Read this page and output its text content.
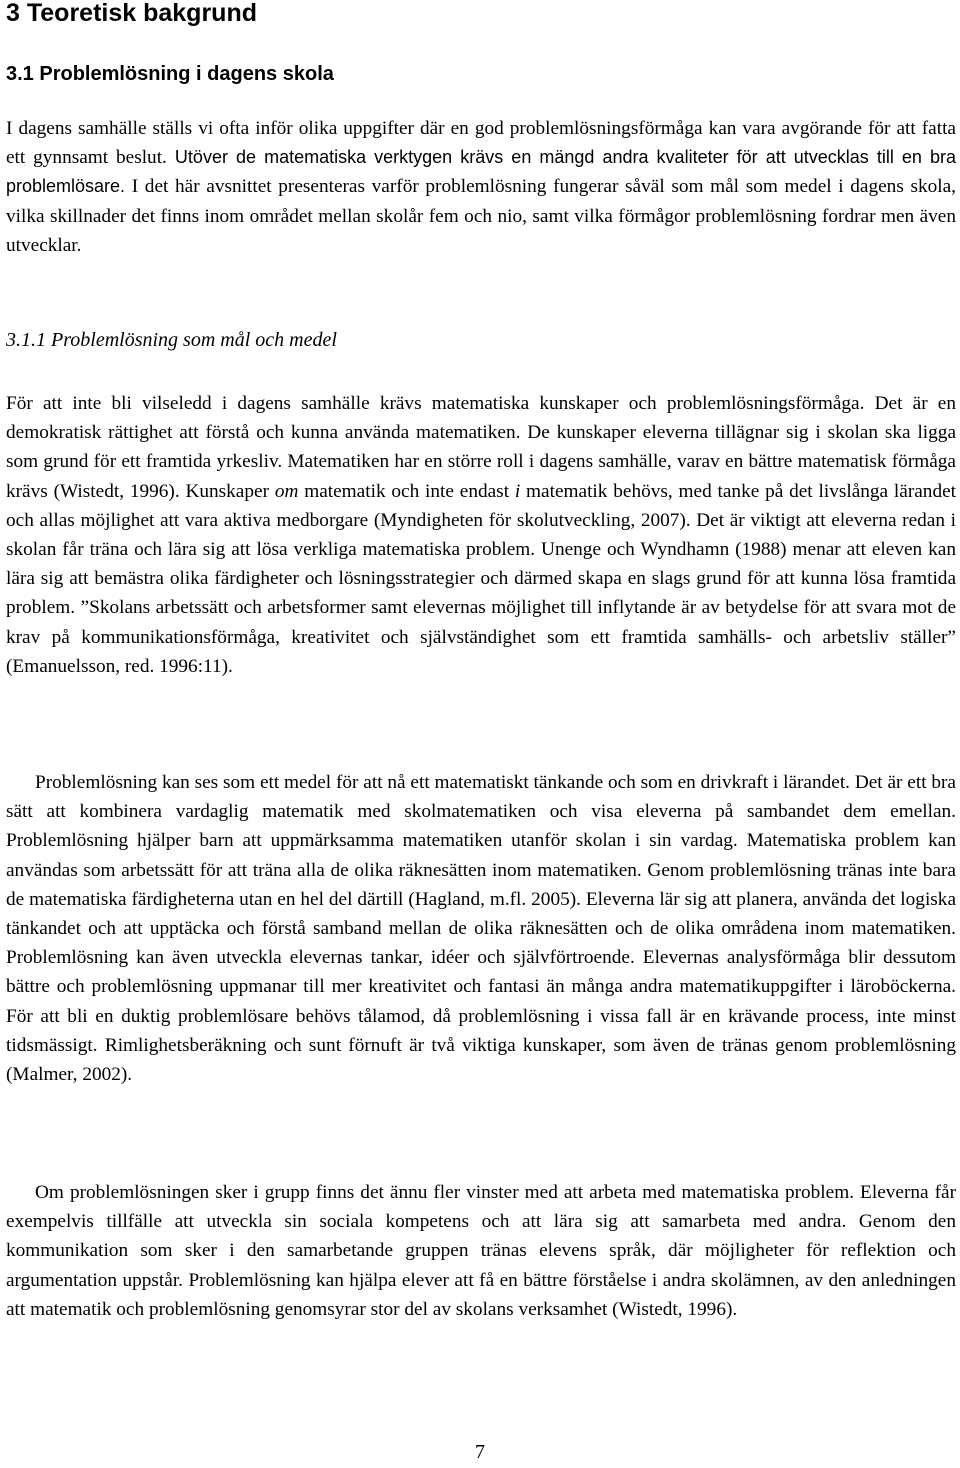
3 Teoretisk bakgrund
3.1 Problemlösning i dagens skola

I dagens samhälle ställs vi ofta inför olika uppgifter där en god problemlösningsförmåga kan vara avgörande för att fatta ett gynnsamt beslut. Utöver de matematiska verktygen krävs en mängd andra kvaliteter för att utvecklas till en bra problemlösare. I det här avsnittet presenteras varför problemlösning fungerar såväl som mål som medel i dagens skola, vilka skillnader det finns inom området mellan skolår fem och nio, samt vilka förmågor problemlösning fordrar men även utvecklar.

3.1.1 Problemlösning som mål och medel

För att inte bli vilseledd i dagens samhälle krävs matematiska kunskaper och problemlösningsförmåga. Det är en demokratisk rättighet att förstå och kunna använda matematiken. De kunskaper eleverna tillägnar sig i skolan ska ligga som grund för ett framtida yrkesliv. Matematiken har en större roll i dagens samhälle, varav en bättre matematisk förmåga krävs (Wistedt, 1996). Kunskaper om matematik och inte endast i matematik behövs, med tanke på det livslånga lärandet och allas möjlighet att vara aktiva medborgare (Myndigheten för skolutveckling, 2007). Det är viktigt att eleverna redan i skolan får träna och lära sig att lösa verkliga matematiska problem. Unenge och Wyndhamn (1988) menar att eleven kan lära sig att bemästra olika färdigheter och lösningsstrategier och därmed skapa en slags grund för att kunna lösa framtida problem. ”Skolans arbetssätt och arbetsformer samt elevernas möjlighet till inflytande är av betydelse för att svara mot de krav på kommunikationsförmåga, kreativitet och självständighet som ett framtida samhälls- och arbetsliv ställer” (Emanuelsson, red. 1996:11).

Problemlösning kan ses som ett medel för att nå ett matematiskt tänkande och som en drivkraft i lärandet. Det är ett bra sätt att kombinera vardaglig matematik med skolmatematiken och visa eleverna på sambandet dem emellan. Problemlösning hjälper barn att uppmärksamma matematiken utanför skolan i sin vardag. Matematiska problem kan användas som arbetssätt för att träna alla de olika räknesätten inom matematiken. Genom problemlösning tränas inte bara de matematiska färdigheterna utan en hel del därtill (Hagland, m.fl. 2005). Eleverna lär sig att planera, använda det logiska tänkandet och att upptäcka och förstå samband mellan de olika räknesätten och de olika områdena inom matematiken. Problemlösning kan även utveckla elevernas tankar, idéer och självförtroende. Elevernas analysförmåga blir dessutom bättre och problemlösning uppmanar till mer kreativitet och fantasi än många andra matematikuppgifter i läroböckerna. För att bli en duktig problemlösare behövs tålamod, då problemlösning i vissa fall är en krävande process, inte minst tidsmässigt. Rimlighetsberäkning och sunt förnuft är två viktiga kunskaper, som även de tränas genom problemlösning (Malmer, 2002).

Om problemlösningen sker i grupp finns det ännu fler vinster med att arbeta med matematiska problem. Eleverna får exempelvis tillfälle att utveckla sin sociala kompetens och att lära sig att samarbeta med andra. Genom den kommunikation som sker i den samarbetande gruppen tränas elevens språk, där möjligheter för reflektion och argumentation uppstår. Problemlösning kan hjälpa elever att få en bättre förståelse i andra skolämnen, av den anledningen att matematik och problemlösning genomsyrar stor del av skolans verksamhet (Wistedt, 1996).

7
